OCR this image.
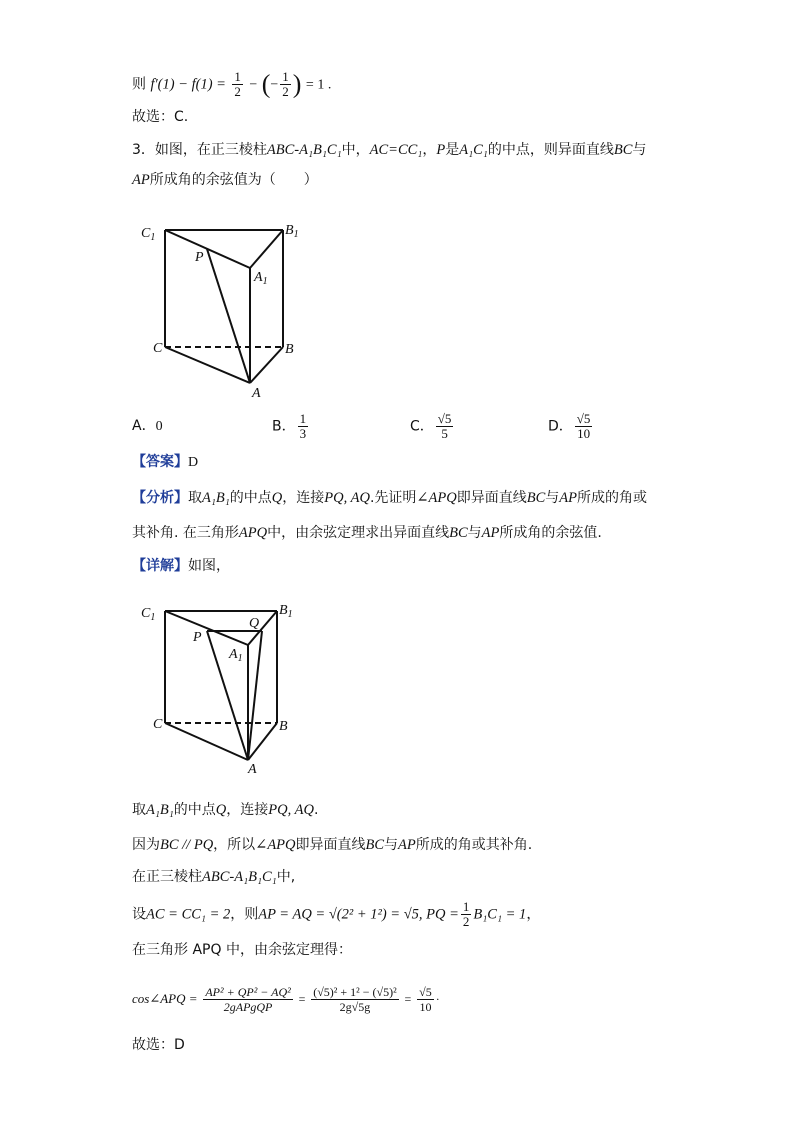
则 $f'(1) - f(1) = \frac{1}{2}$ − (− $\frac{1}{2}$ ) = 1 .
故选：C.
3．如图，在正三棱柱ABC-A₁B₁C₁中，AC=CC₁，P是A₁C₁的中点，则异面直线BC与
AP所成角的余弦值为（　　）
$C_1$	$B_1$
P
$A_1$
C	B
A
A．0	B． $\frac{1}{3}$	C． $\frac{√5}{5}$	D． $\frac{√5}{10}$
【答案】D
【分析】取A₁B₁的中点Q，连接PQ, AQ.先证明∠APQ即异面直线BC与AP所成的角或
其补角. 在三角形APQ中，由余弦定理求出异面直线BC与AP所成角的余弦值.
【详解】如图，
$C_1$	$B_1$
P
Q
$A_1$
C	B
A
取A₁B₁的中点Q，连接PQ, AQ.
因为BC // PQ，所以∠APQ即异面直线BC与AP所成的角或其补角.
在正三棱柱ABC-A₁B₁C₁中,
设AC = CC₁ = 2，则AP = AQ = √(2² + 1²) = √5, PQ = $\frac{1}{2} B_1C_1 = 1$，
在三角形 APQ 中，由余弦定理得：
cos∠APQ = $\frac{\text{AP² + QP² − AQ²}}{\text{2gAPgQP}} = \frac{\text{(√5)² + 1² − (√5)²}}{2g√5g} = \frac{√5}{10}$ ·
故选：D
